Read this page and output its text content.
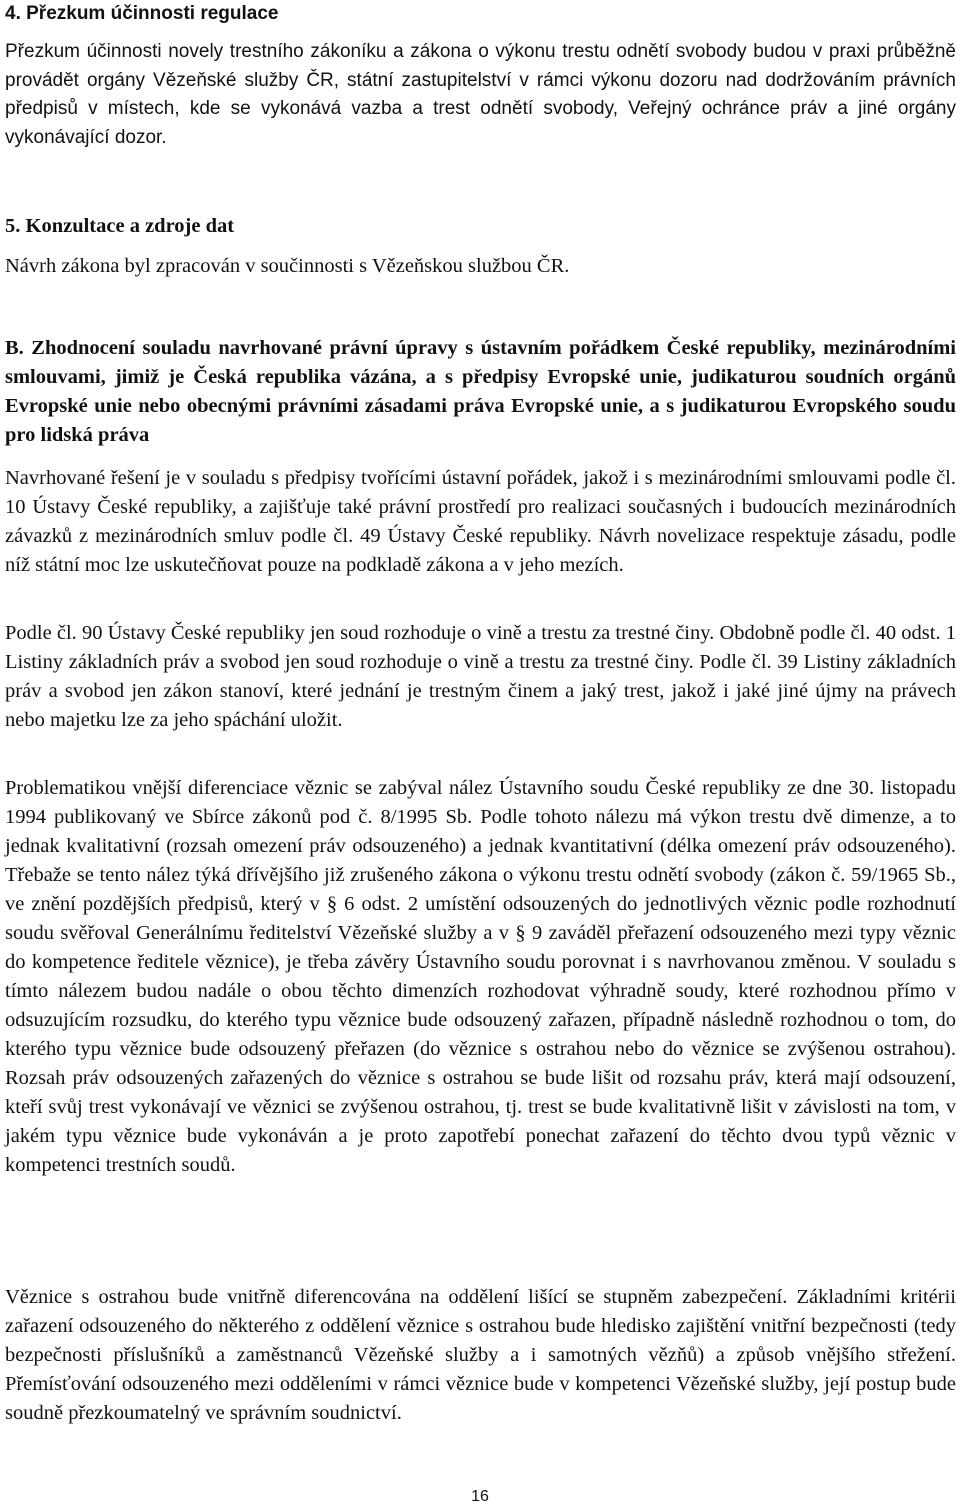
4. Přezkum účinnosti regulace

Přezkum účinnosti novely trestního zákoníku a zákona o výkonu trestu odnětí svobody budou v praxi průběžně provádět orgány Vězeňské služby ČR, státní zastupitelství v rámci výkonu dozoru nad dodržováním právních předpisů v místech, kde se vykonává vazba a trest odnětí svobody, Veřejný ochránce práv a jiné orgány vykonávající dozor.

5. Konzultace a zdroje dat

Návrh zákona byl zpracován v součinnosti s Vězeňskou službou ČR.

B. Zhodnocení souladu navrhované právní úpravy s ústavním pořádkem České republiky, mezinárodními smlouvami, jimiž je Česká republika vázána, a s předpisy Evropské unie, judikaturou soudních orgánů Evropské unie nebo obecnými právními zásadami práva Evropské unie, a s judikaturou Evropského soudu pro lidská práva

Navrhované řešení je v souladu s předpisy tvořícími ústavní pořádek, jakož i s mezinárodními smlouvami podle čl. 10 Ústavy České republiky, a zajišťuje také právní prostředí pro realizaci současných i budoucích mezinárodních závazků z mezinárodních smluv podle čl. 49 Ústavy České republiky. Návrh novelizace respektuje zásadu, podle níž státní moc lze uskutečňovat pouze na podkladě zákona a v jeho mezích.

Podle čl. 90 Ústavy České republiky jen soud rozhoduje o vině a trestu za trestné činy. Obdobně podle čl. 40 odst. 1 Listiny základních práv a svobod jen soud rozhoduje o vině a trestu za trestné činy. Podle čl. 39 Listiny základních práv a svobod jen zákon stanoví, které jednání je trestným činem a jaký trest, jakož i jaké jiné újmy na právech nebo majetku lze za jeho spáchání uložit.

Problematikou vnější diferenciace věznic se zabýval nález Ústavního soudu České republiky ze dne 30. listopadu 1994 publikovaný ve Sbírce zákonů pod č. 8/1995 Sb. Podle tohoto nálezu má výkon trestu dvě dimenze, a to jednak kvalitativní (rozsah omezení práv odsouzeného) a jednak kvantitativní (délka omezení práv odsouzeného). Třebaže se tento nález týká dřívějšího již zrušeného zákona o výkonu trestu odnětí svobody (zákon č. 59/1965 Sb., ve znění pozdějších předpisů, který v § 6 odst. 2 umístění odsouzených do jednotlivých věznic podle rozhodnutí soudu svěřoval Generálnímu ředitelství Vězeňské služby a v § 9 zaváděl přeřazení odsouzeného mezi typy věznic do kompetence ředitele věznice), je třeba závěry Ústavního soudu porovnat i s navrhovanou změnou. V souladu s tímto nálezem budou nadále o obou těchto dimenzích rozhodovat výhradně soudy, které rozhodnou přímo v odsuzujícím rozsudku, do kterého typu věznice bude odsouzený zařazen, případně následně rozhodnou o tom, do kterého typu věznice bude odsouzený přeřazen (do věznice s ostrahou nebo do věznice se zvýšenou ostrahou). Rozsah práv odsouzených zařazených do věznice s ostrahou se bude lišit od rozsahu práv, která mají odsouzení, kteří svůj trest vykonávají ve věznici se zvýšenou ostrahou, tj. trest se bude kvalitativně lišit v závislosti na tom, v jakém typu věznice bude vykonáván a je proto zapotřebí ponechat zařazení do těchto dvou typů věznic v kompetenci trestních soudů.

Věznice s ostrahou bude vnitřně diferencována na oddělení lišící se stupněm zabezpečení. Základními kritérii zařazení odsouzeného do některého z oddělení věznice s ostrahou bude hledisko zajištění vnitřní bezpečnosti (tedy bezpečnosti příslušníků a zaměstnanců Vězeňské služby a i samotných vězňů) a způsob vnějšího střežení. Přemísťování odsouzeného mezi odděleními v rámci věznice bude v kompetenci Vězeňské služby, její postup bude soudně přezkoumatelný ve správním soudnictví.

16
